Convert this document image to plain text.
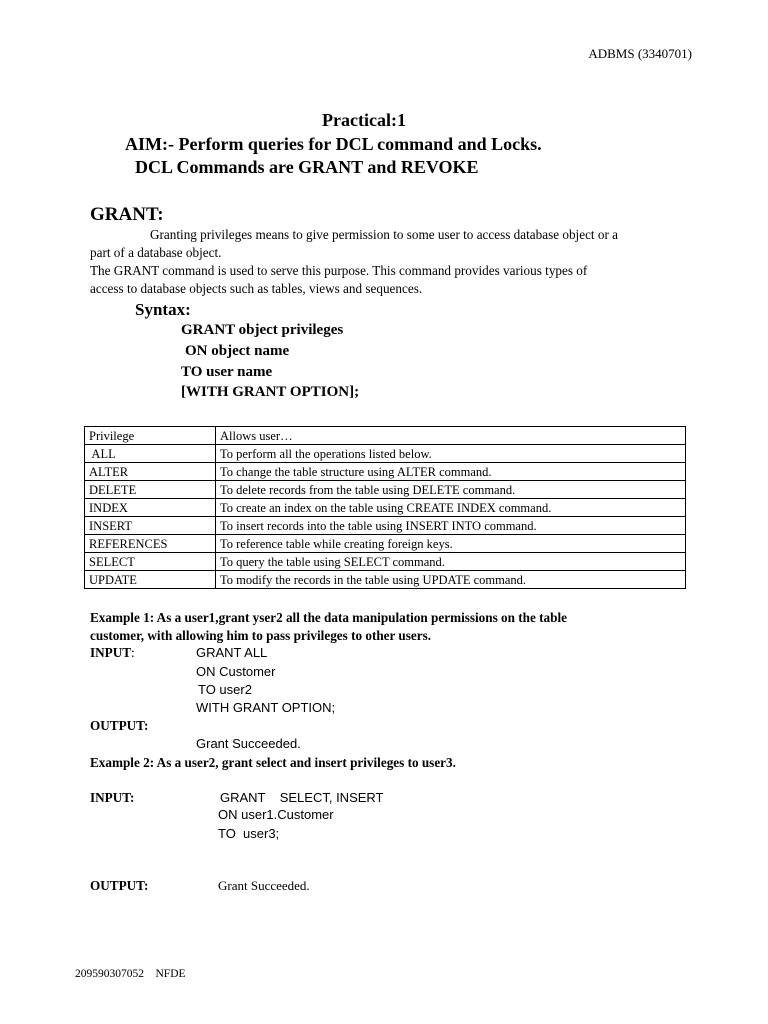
ADBMS (3340701)
Practical:1
AIM:- Perform queries for DCL command and Locks.
DCL Commands are GRANT and REVOKE
GRANT:
Granting privileges means to give permission to some user to access database object or a
part of a database object.
The GRANT command is used to serve this purpose. This command provides various types of
access to database objects such as tables, views and sequences.
Syntax:
GRANT object privileges
ON object name
TO user name
[WITH GRANT OPTION];
Privilege	Allows user…
ALL	To perform all the operations listed below.
ALTER	To change the table structure using ALTER command.
DELETE	To delete records from the table using DELETE command.
INDEX	To create an index on the table using CREATE INDEX command.
INSERT	To insert records into the table using INSERT INTO command.
REFERENCES	To reference table while creating foreign keys.
SELECT	To query the table using SELECT command.
UPDATE	To modify the records in the table using UPDATE command.
Example 1: As a user1,grant yser2 all the data manipulation permissions on the table
customer, with allowing him to pass privileges to other users.
INPUT:	GRANT ALL
ON Customer
TO user2
WITH GRANT OPTION;
OUTPUT:
Grant Succeeded.
Example 2: As a user2, grant select and insert privileges to user3.
INPUT:	GRANT    SELECT, INSERT
ON user1.Customer
TO  user3;
OUTPUT:	Grant Succeeded.
209590307052    NFDE
